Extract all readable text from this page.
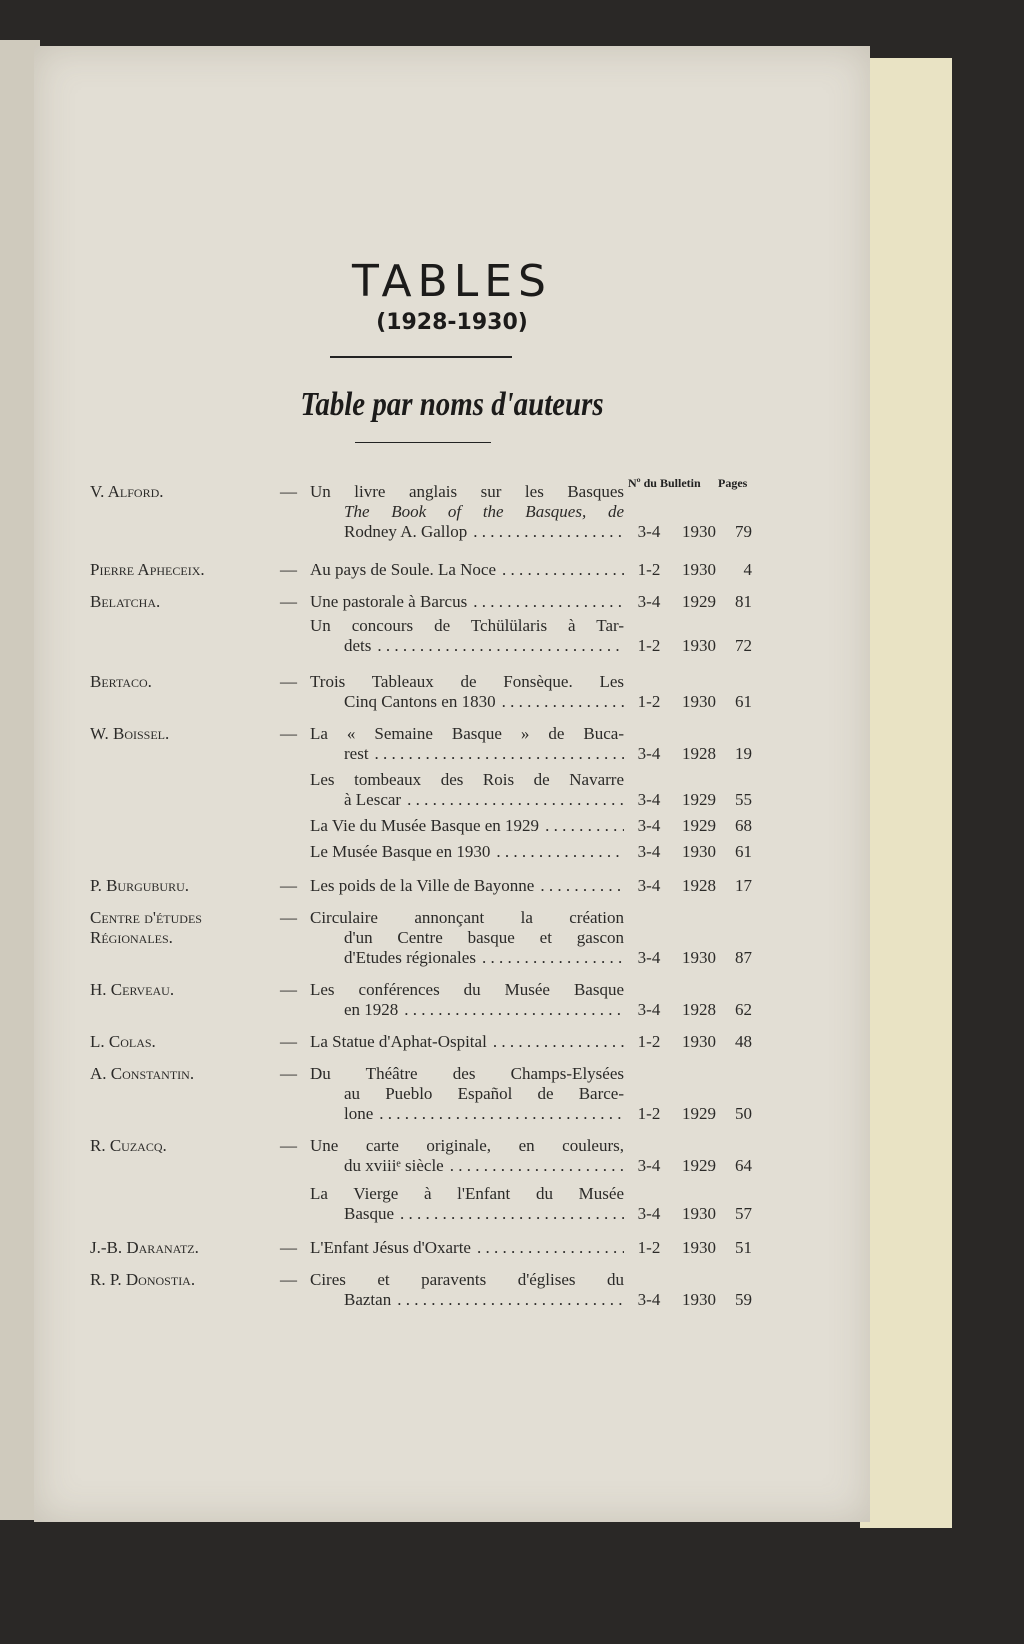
TABLES
(1928-1930)
Table par noms d'auteurs
Nº du Bulletin Pages
V. Alford.	— Un livre anglais sur les Basques
The Book of the Basques, de
Rodney A. Gallop . . .	3-4	1930	79
Pierre Apheceix.	— Au pays de Soule. La Noce . . .	1-2	1930	4
Belatcha.	— Une pastorale à Barcus . . .	3-4	1929	81
Un concours de Tchülülaris à Tar-
dets . . .	1-2	1930	72
Bertaco.	— Trois Tableaux de Fonsèque. Les
Cinq Cantons en 1830 . . .	1-2	1930	61
W. Boissel.	— La « Semaine Basque » de Buca-
rest . . .	3-4	1928	19
Les tombeaux des Rois de Navarre
à Lescar . . .	3-4	1929	55
La Vie du Musée Basque en 1929 . . .	3-4	1929	68
Le Musée Basque en 1930 . . .	3-4	1930	61
P. Burguburu.	— Les poids de la Ville de Bayonne . . .	3-4	1928	17
Centre d'études Régionales.
— Circulaire annonçant la création
d'un Centre basque et gascon
d'Etudes régionales . . .	3-4	1930	87
H. Cerveau.	— Les conférences du Musée Basque
en 1928 . . .	3-4	1928	62
L. Colas.	— La Statue d'Aphat-Ospital . . .	1-2	1930	48
A. Constantin.	— Du Théâtre des Champs-Elysées
au Pueblo Español de Barce-
lone . . .	1-2	1929	50
R. Cuzacq.	— Une carte originale, en couleurs,
du xviiiᵉ siècle . . .	3-4	1929	64
La Vierge à l'Enfant du Musée
Basque . . .	3-4	1930	57
J.-B. Daranatz.	— L'Enfant Jésus d'Oxarte . . .	1-2	1930	51
R. P. Donostia.	— Cires et paravents d'églises du
Baztan . . .	3-4	1930	59
